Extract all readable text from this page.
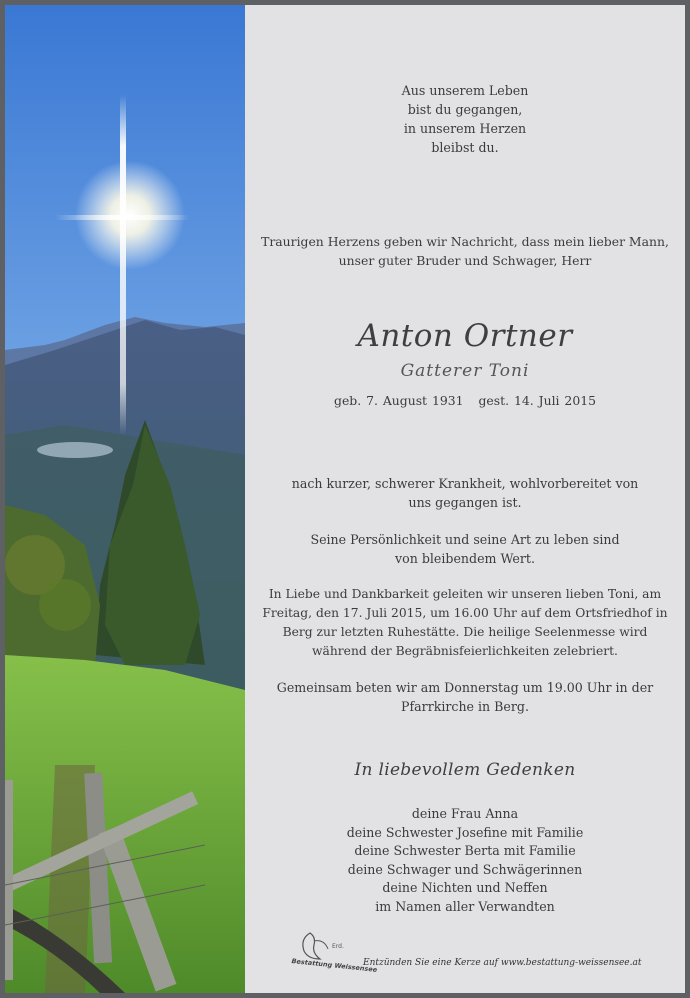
Aus unserem Leben
bist du gegangen,
in unserem Herzen
bleibst du.
Traurigen Herzens geben wir Nachricht, dass mein lieber Mann,
unser guter Bruder und Schwager, Herr
Anton Ortner
Gatterer Toni
geb. 7. August 1931 gest. 14. Juli 2015
nach kurzer, schwerer Krankheit, wohlvorbereitet von
uns gegangen ist.
Seine Persönlichkeit und seine Art zu leben sind
von bleibendem Wert.
In Liebe und Dankbarkeit geleiten wir unseren lieben Toni, am
Freitag, den 17. Juli 2015, um 16.00 Uhr auf dem Ortsfriedhof in
Berg zur letzten Ruhestätte. Die heilige Seelenmesse wird
während der Begräbnisfeierlichkeiten zelebriert.
Gemeinsam beten wir am Donnerstag um 19.00 Uhr in der
Pfarrkirche in Berg.
In liebevollem Gedenken
deine Frau Anna
deine Schwester Josefine mit Familie
deine Schwester Berta mit Familie
deine Schwager und Schwägerinnen
deine Nichten und Neffen
im Namen aller Verwandten
Erd.
Bestattung Weissensee
Entzünden Sie eine Kerze auf www.bestattung-weissensee.at
